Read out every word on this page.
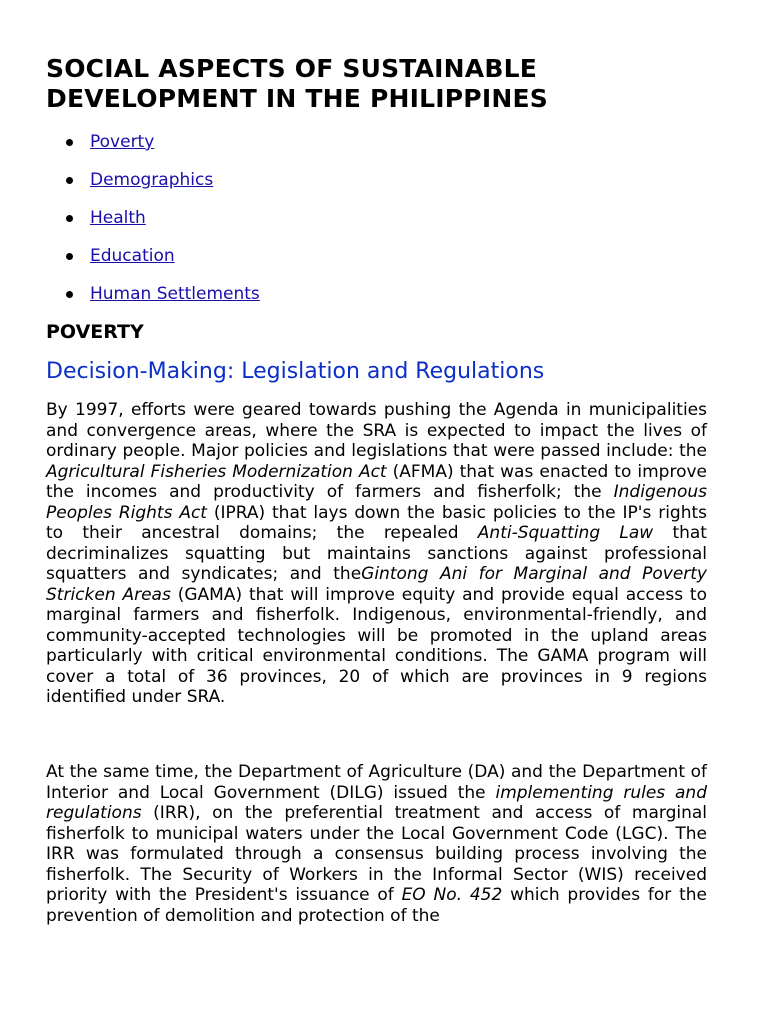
SOCIAL ASPECTS OF SUSTAINABLE DEVELOPMENT IN THE PHILIPPINES
Poverty
Demographics
Health
Education
Human Settlements
POVERTY
Decision-Making: Legislation and Regulations

By 1997, efforts were geared towards pushing the Agenda in municipalities and convergence areas, where the SRA is expected to impact the lives of ordinary people. Major policies and legislations that were passed include: the Agricultural Fisheries Modernization Act (AFMA) that was enacted to improve the incomes and productivity of farmers and fisherfolk; the Indigenous Peoples Rights Act (IPRA) that lays down the basic policies to the IP's rights to their ancestral domains; the repealed Anti-Squatting Law that decriminalizes squatting but maintains sanctions against professional squatters and syndicates; and theGintong Ani for Marginal and Poverty Stricken Areas (GAMA) that will improve equity and provide equal access to marginal farmers and fisherfolk. Indigenous, environmental-friendly, and community-accepted technologies will be promoted in the upland areas particularly with critical environmental conditions. The GAMA program will cover a total of 36 provinces, 20 of which are provinces in 9 regions identified under SRA.

At the same time, the Department of Agriculture (DA) and the Department of Interior and Local Government (DILG) issued the implementing rules and regulations (IRR), on the preferential treatment and access of marginal fisherfolk to municipal waters under the Local Government Code (LGC). The IRR was formulated through a consensus building process involving the fisherfolk. The Security of Workers in the Informal Sector (WIS) received priority with the President's issuance of EO No. 452 which provides for the prevention of demolition and protection of the
